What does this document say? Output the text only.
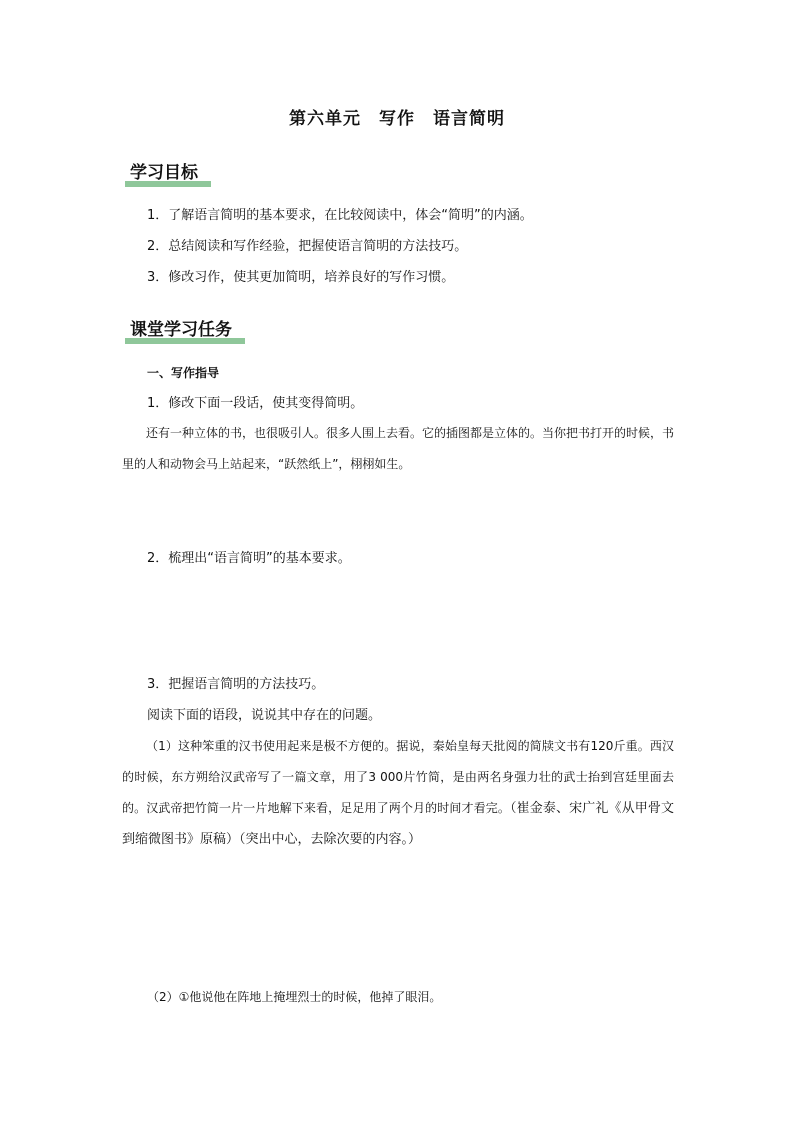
第六单元　写作　语言简明
学习目标
1．了解语言简明的基本要求，在比较阅读中，体会“简明”的内涵。
2．总结阅读和写作经验，把握使语言简明的方法技巧。
3．修改习作，使其更加简明，培养良好的写作习惯。
课堂学习任务
一、写作指导
1．修改下面一段话，使其变得简明。
还有一种立体的书，也很吸引人。很多人围上去看。它的插图都是立体的。当你把书打开的时候，书里的人和动物会马上站起来，“跃然纸上”，栩栩如生。
2．梳理出“语言简明”的基本要求。
3．把握语言简明的方法技巧。
阅读下面的语段，说说其中存在的问题。
（1）这种笨重的汉书使用起来是极不方便的。据说，秦始皇每天批阅的简牍文书有120斤重。西汉的时候，东方朔给汉武帝写了一篇文章，用了3 000片竹简，是由两名身强力壮的武士抬到宫廷里面去的。汉武帝把竹简一片一片地解下来看，足足用了两个月的时间才看完。（崔金泰、宋广礼《从甲骨文到缩微图书》原稿）（突出中心，去除次要的内容。）
（2）①他说他在阵地上掩埋烈士的时候，他掉了眼泪。
